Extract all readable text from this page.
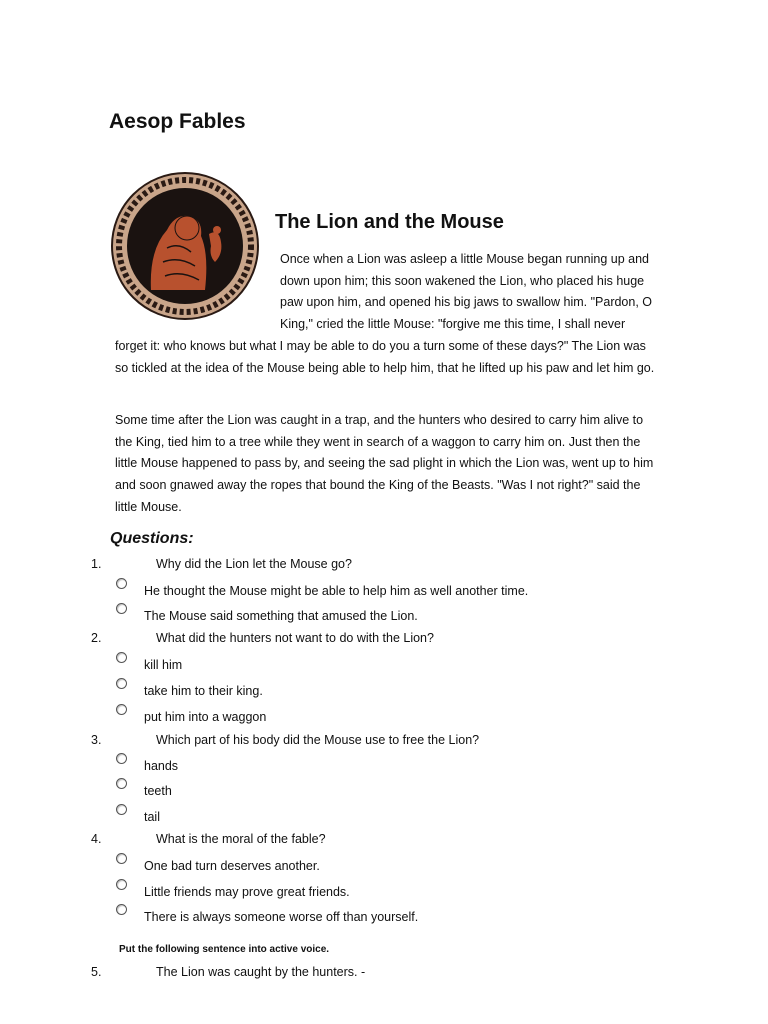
Aesop Fables
The Lion and the Mouse
Once when a Lion was asleep a little Mouse began running up and down upon him; this soon wakened the Lion, who placed his huge paw upon him, and opened his big jaws to swallow him. "Pardon, O King," cried the little Mouse: "forgive me this time, I shall never forget it: who knows but what I may be able to do you a turn some of these days?" The Lion was so tickled at the idea of the Mouse being able to help him, that he lifted up his paw and let him go.

Some time after the Lion was caught in a trap, and the hunters who desired to carry him alive to the King, tied him to a tree while they went in search of a waggon to carry him on. Just then the little Mouse happened to pass by, and seeing the sad plight in which the Lion was, went up to him and soon gnawed away the ropes that bound the King of the Beasts. "Was I not right?" said the little Mouse.

Questions:
1.	Why did the Lion let the Mouse go?
He thought the Mouse might be able to help him as well another time.
The Mouse said something that amused the Lion.
2.	What did the hunters not want to do with the Lion?
kill him
take him to their king.
put him into a waggon
3.	Which part of his body did the Mouse use to free the Lion?
hands
teeth
tail
4.	What is the moral of the fable?
One bad turn deserves another.
Little friends may prove great friends.
There is always someone worse off than yourself.
Put the following sentence into active voice.
5.	The Lion was caught by the hunters. -
